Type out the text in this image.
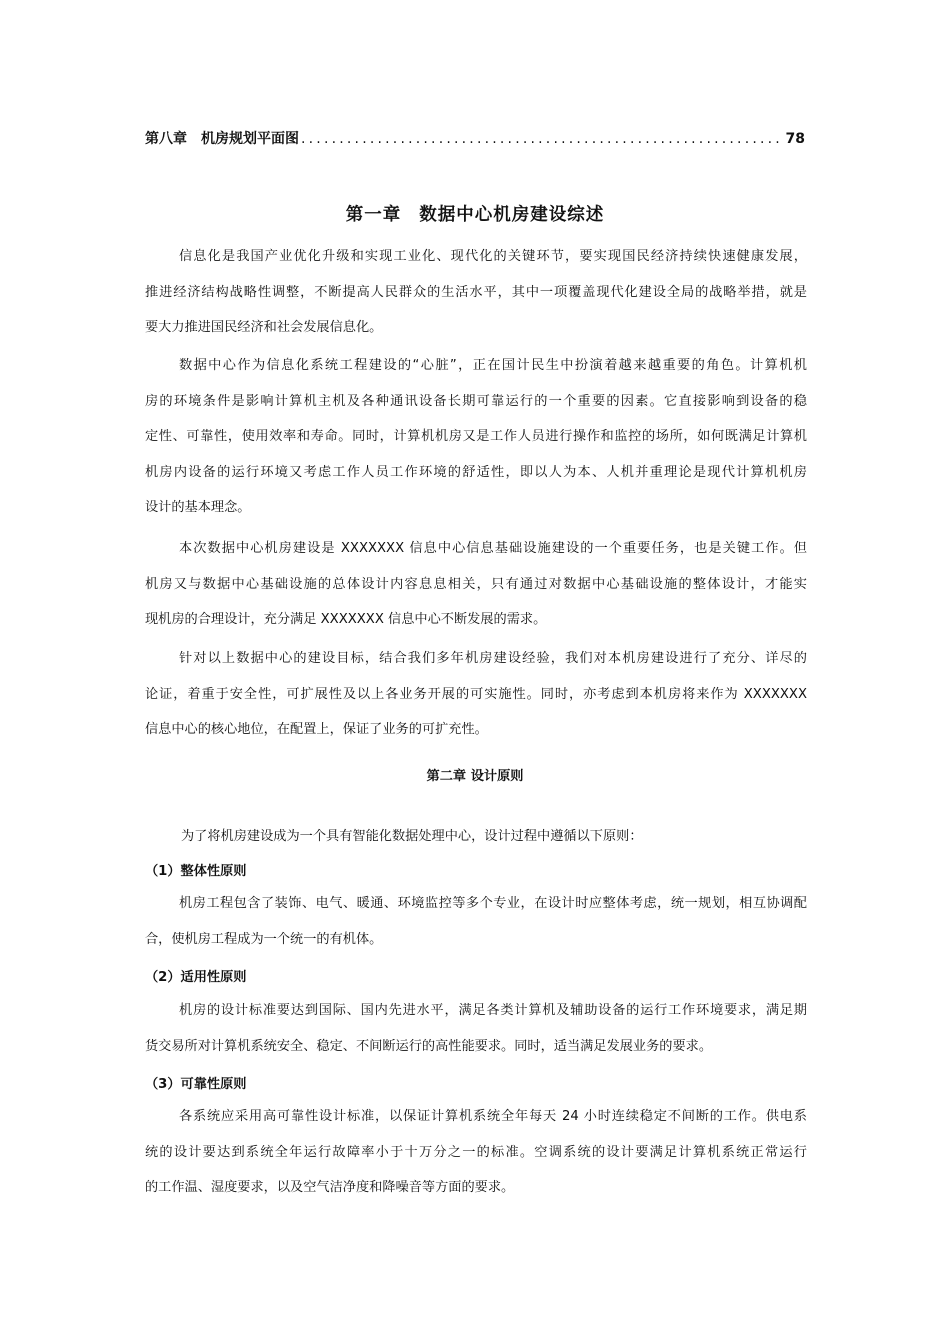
第八章 机房规划平面图
.....	78
第一章 数据中心机房建设综述
信息化是我国产业优化升级和实现工业化、现代化的关键环节，要实现国民经济持续快速健康发展，
推进经济结构战略性调整，不断提高人民群众的生活水平，其中一项覆盖现代化建设全局的战略举措，就是
要大力推进国民经济和社会发展信息化。
数据中心作为信息化系统工程建设的“心脏”，正在国计民生中扮演着越来越重要的角色。计算机机
房的环境条件是影响计算机主机及各种通讯设备长期可靠运行的一个重要的因素。它直接影响到设备的稳
定性、可靠性，使用效率和寿命。同时，计算机机房又是工作人员进行操作和监控的场所，如何既满足计算机
机房内设备的运行环境又考虑工作人员工作环境的舒适性，即以人为本、人机并重理论是现代计算机机房
设计的基本理念。
本次数据中心机房建设是 XXXXXXX 信息中心信息基础设施建设的一个重要任务，也是关键工作。但
机房又与数据中心基础设施的总体设计内容息息相关，只有通过对数据中心基础设施的整体设计，才能实
现机房的合理设计，充分满足 XXXXXXX 信息中心不断发展的需求。
针对以上数据中心的建设目标，结合我们多年机房建设经验，我们对本机房建设进行了充分、详尽的
论证，着重于安全性，可扩展性及以上各业务开展的可实施性。同时，亦考虑到本机房将来作为 XXXXXXX
信息中心的核心地位，在配置上，保证了业务的可扩充性。
第二章 设计原则
为了将机房建设成为一个具有智能化数据处理中心，设计过程中遵循以下原则：
（1）整体性原则
机房工程包含了装饰、电气、暖通、环境监控等多个专业，在设计时应整体考虑，统一规划，相互协调配
合，使机房工程成为一个统一的有机体。
（2）适用性原则
机房的设计标准要达到国际、国内先进水平，满足各类计算机及辅助设备的运行工作环境要求，满足期
货交易所对计算机系统安全、稳定、不间断运行的高性能要求。同时，适当满足发展业务的要求。
（3）可靠性原则
各系统应采用高可靠性设计标准，以保证计算机系统全年每天 24 小时连续稳定不间断的工作。供电系
统的设计要达到系统全年运行故障率小于十万分之一的标准。空调系统的设计要满足计算机系统正常运行
的工作温、湿度要求，以及空气洁净度和降噪音等方面的要求。
